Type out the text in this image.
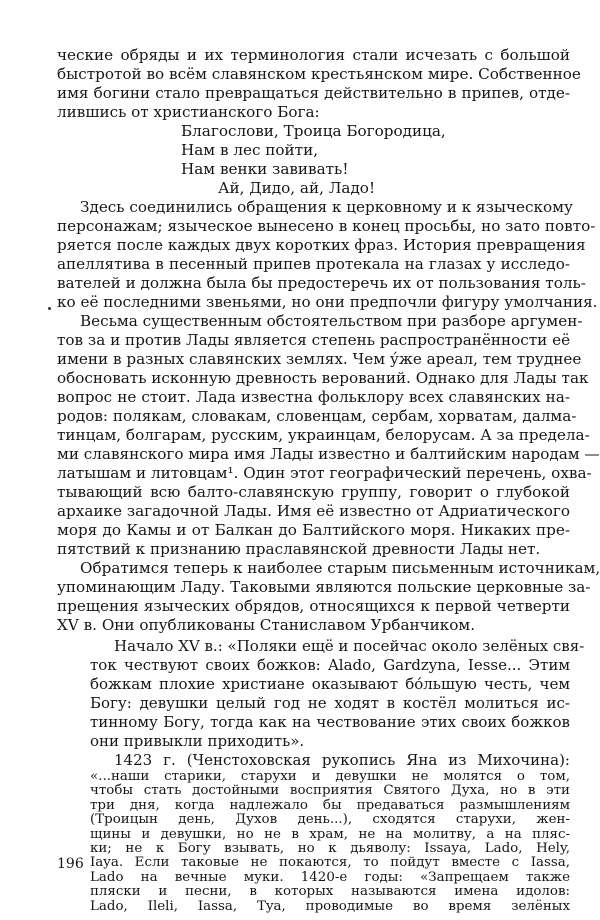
ческие обряды и их терминология стали исчезать с большой
быстротой во всём славянском крестьянском мире. Собственное
имя богини стало превращаться действительно в припев, отде-
лившись от христианского Бога:
Благослови, Троица Богородица,
Нам в лес пойти,
Нам венки завивать!
Ай, Дидо, ай, Ладо!
Здесь соединились обращения к церковному и к языческому
персонажам; языческое вынесено в конец просьбы, но зато повто-
ряется после каждых двух коротких фраз. История превращения
апеллятива в песенный припев протекала на глазах у исследо-
вателей и должна была бы предостеречь их от пользования толь-
ко её последними звеньями, но они предпочли фигуру умолчания.
Весьма существенным обстоятельством при разборе аргумен-
тов за и против Лады является степень распространённости её
имени в разных славянских землях. Чем у́же ареал, тем труднее
обосновать исконную древность верований. Однако для Лады так
вопрос не стоит. Лада известна фольклору всех славянских на-
родов: полякам, словакам, словенцам, сербам, хорватам, далма-
тинцам, болгарам, русским, украинцам, белорусам. А за предела-
ми славянского мира имя Лады известно и балтийским народам —
латышам и литовцам¹. Один этот географический перечень, охва-
тывающий всю балто-славянскую группу, говорит о глубокой
архаике загадочной Лады. Имя её известно от Адриатического
моря до Камы и от Балкан до Балтийского моря. Никаких пре-
пятствий к признанию праславянской древности Лады нет.
Обратимся теперь к наиболее старым письменным источникам,
упоминающим Ладу. Таковыми являются польские церковные за-
прещения языческих обрядов, относящихся к первой четверти
XV в. Они опубликованы Станиславом Урбанчиком.
Начало XV в.: «Поляки ещё и посейчас около зелёных свя-
ток чествуют своих божков: Alado, Gardzyna, Iesse... Этим
божкам плохие христиане оказывают бо́льшую честь, чем
Богу: девушки целый год не ходят в костёл молиться ис-
тинному Богу, тогда как на чествование этих своих божков
они привыкли приходить».
1423 г. (Ченстоховская рукопись Яна из Михочина):
196
«...наши старики, старухи и девушки не молятся о том,
чтобы стать достойными восприятия Святого Духа, но в эти
три дня, когда надлежало бы предаваться размышлениям
(Троицын день, Духов день...), сходятся старухи, жен-
щины и девушки, но не в храм, не на молитву, а на пляс-
ки; не к Богу взывать, но к дьяволу: Issaya, Lado, Hely,
Iaya. Если таковые не покаются, то пойдут вместе с Iassa,
Lado на вечные муки. 1420-е годы: «Запрещаем также
пляски и песни, в которых называются имена идолов:
Lado, Ileli, Iassa, Tya, проводимые во время зелёных
